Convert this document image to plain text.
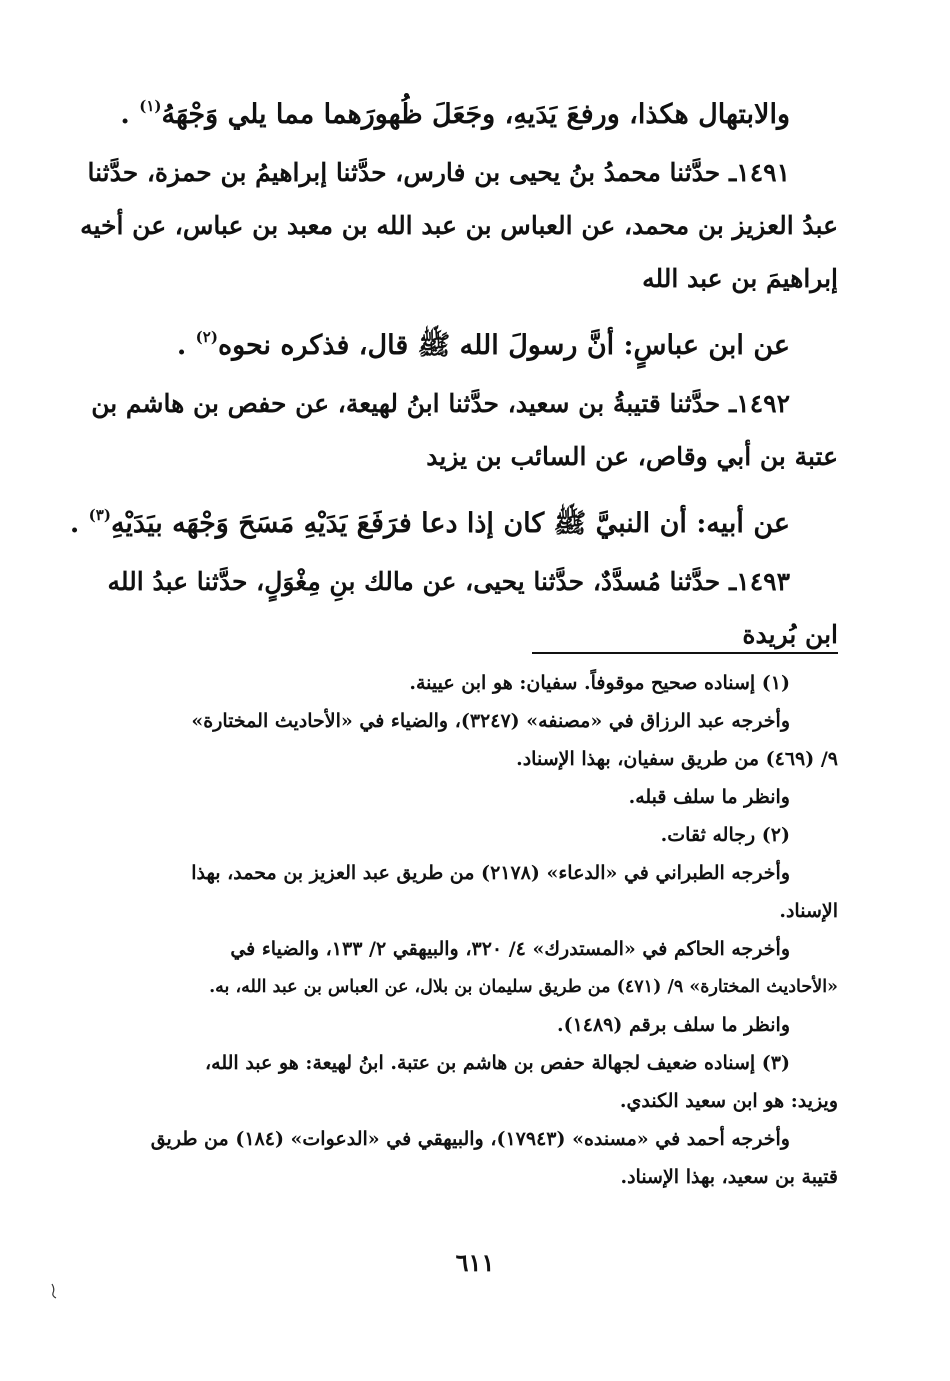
والابتهال هكذا، ورفعَ يَدَيهِ، وجَعَلَ ظُهورَهما مما يلي وَجْهَهُ$^{(١)}$ .
١٤٩١ـ حدَّثنا محمدُ بنُ يحيى بن فارس، حدَّثنا إبراهيمُ بن حمزة، حدَّثنا
عبدُ العزيز بن محمد، عن العباس بن عبد الله بن معبد بن عباس، عن أخيه
إبراهيمَ بن عبد الله
عن ابن عباسٍ: أنَّ رسولَ الله ﷺ قال، فذكره نحوه$^{(٢)}$ .
١٤٩٢ـ حدَّثنا قتيبةُ بن سعيد، حدَّثنا ابنُ لهيعة، عن حفص بن هاشم بن
عتبة بن أبي وقاص، عن السائب بن يزيد
عن أبيه: أن النبيَّ ﷺ كان إذا دعا فرَفَعَ يَدَيْهِ مَسَحَ وَجْهَه بيَدَيْهِ$^{(٣)}$ .
١٤٩٣ـ حدَّثنا مُسدَّدٌ، حدَّثنا يحيى، عن مالك بنِ مِغْوَلٍ، حدَّثنا عبدُ الله
ابن بُريدة
(١) إسناده صحيح موقوفاً. سفيان: هو ابن عيينة.
وأخرجه عبد الرزاق في «مصنفه» (٣٢٤٧)، والضياء في «الأحاديث المختارة»
٩/ (٤٦٩) من طريق سفيان، بهذا الإسناد.
وانظر ما سلف قبله.
(٢) رجاله ثقات.
وأخرجه الطبراني في «الدعاء» (٢١٧٨) من طريق عبد العزيز بن محمد، بهذا
الإسناد.
وأخرجه الحاكم في «المستدرك» ٤/ ٣٢٠، والبيهقي ٢/ ١٣٣، والضياء في
«الأحاديث المختارة» ٩/ (٤٧١) من طريق سليمان بن بلال، عن العباس بن عبد الله، به.
وانظر ما سلف برقم (١٤٨٩).
(٣) إسناده ضعيف لجهالة حفص بن هاشم بن عتبة. ابنُ لهيعة: هو عبد الله،
ويزيد: هو ابن سعيد الكندي.
وأخرجه أحمد في «مسنده» (١٧٩٤٣)، والبيهقي في «الدعوات» (١٨٤) من طريق
قتيبة بن سعيد، بهذا الإسناد.
٦١١
